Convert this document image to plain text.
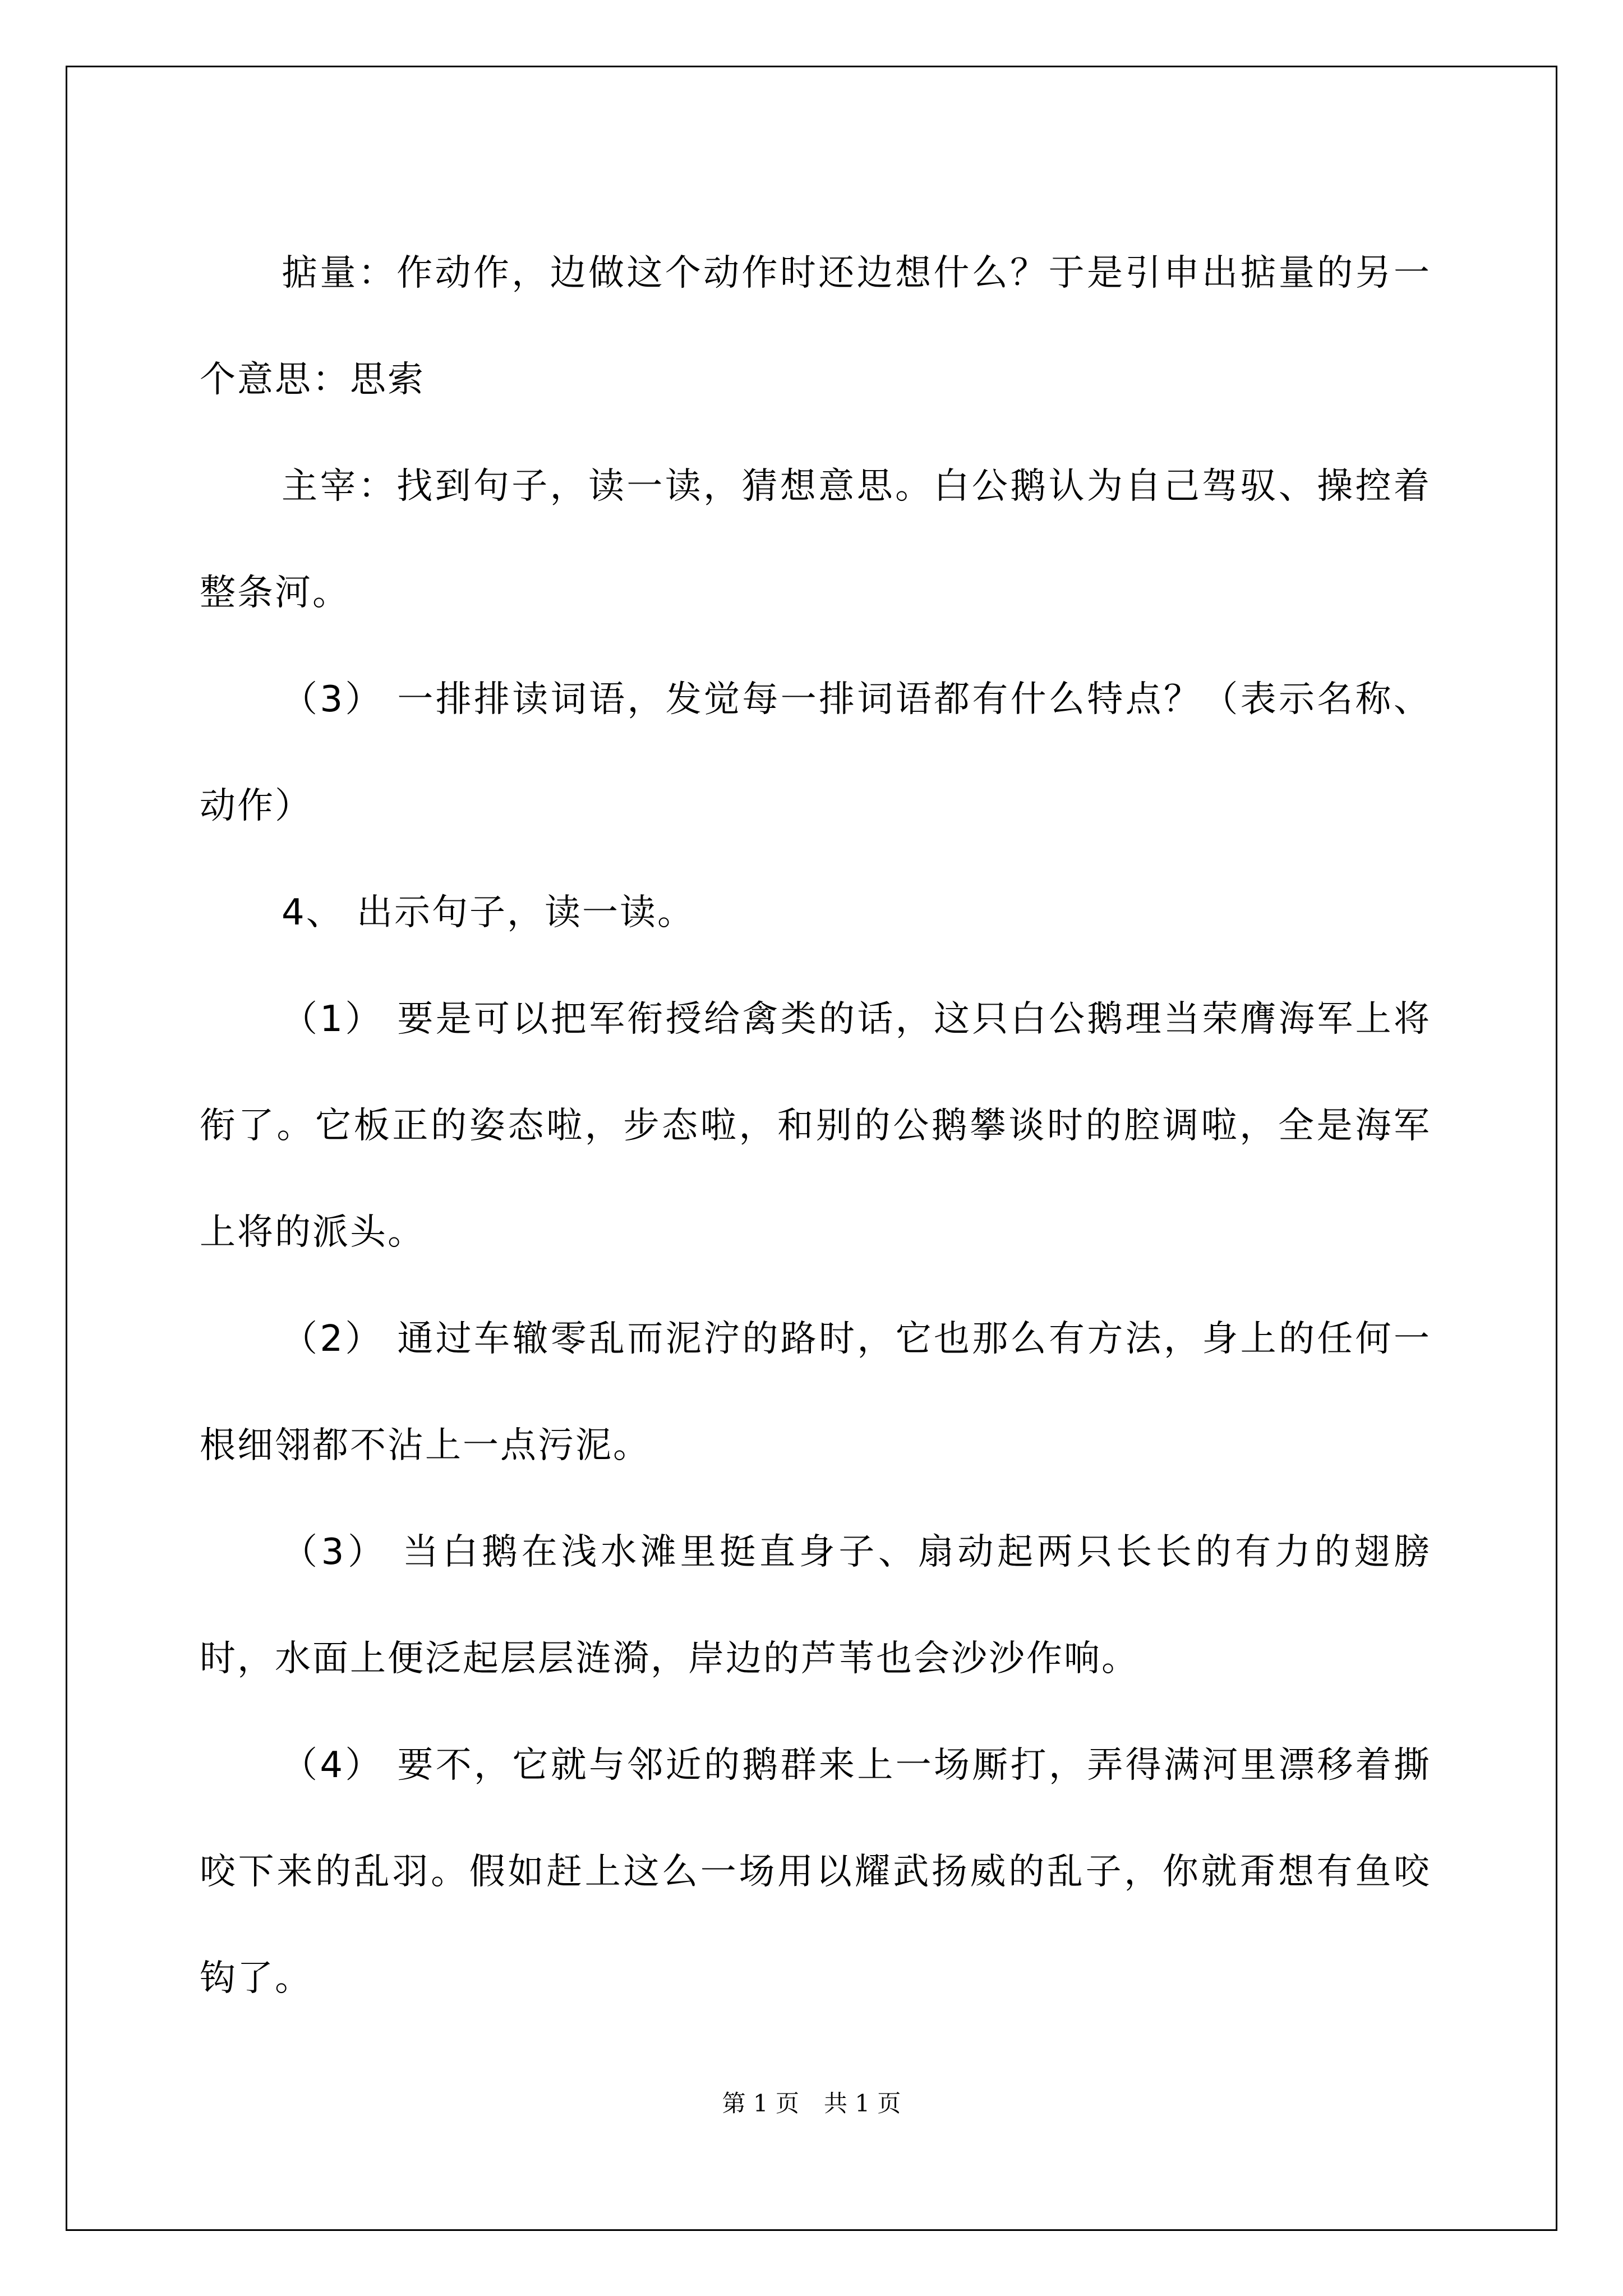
掂量：作动作，边做这个动作时还边想什么？于是引申出掂量的另一个意思：思索

主宰：找到句子，读一读，猜想意思。白公鹅认为自己驾驭、操控着整条河。

（3） 一排排读词语，发觉每一排词语都有什么特点？（表示名称、动作）

4、 出示句子，读一读。

（1） 要是可以把军衔授给禽类的话，这只白公鹅理当荣膺海军上将衔了。它板正的姿态啦，步态啦，和别的公鹅攀谈时的腔调啦，全是海军上将的派头。

（2） 通过车辙零乱而泥泞的路时，它也那么有方法，身上的任何一根细翎都不沾上一点污泥。

（3） 当白鹅在浅水滩里挺直身子、扇动起两只长长的有力的翅膀时，水面上便泛起层层涟漪，岸边的芦苇也会沙沙作响。

（4） 要不，它就与邻近的鹅群来上一场厮打，弄得满河里漂移着撕咬下来的乱羽。假如赶上这么一场用以耀武扬威的乱子，你就甭想有鱼咬钩了。

第 1 页 共 1 页
